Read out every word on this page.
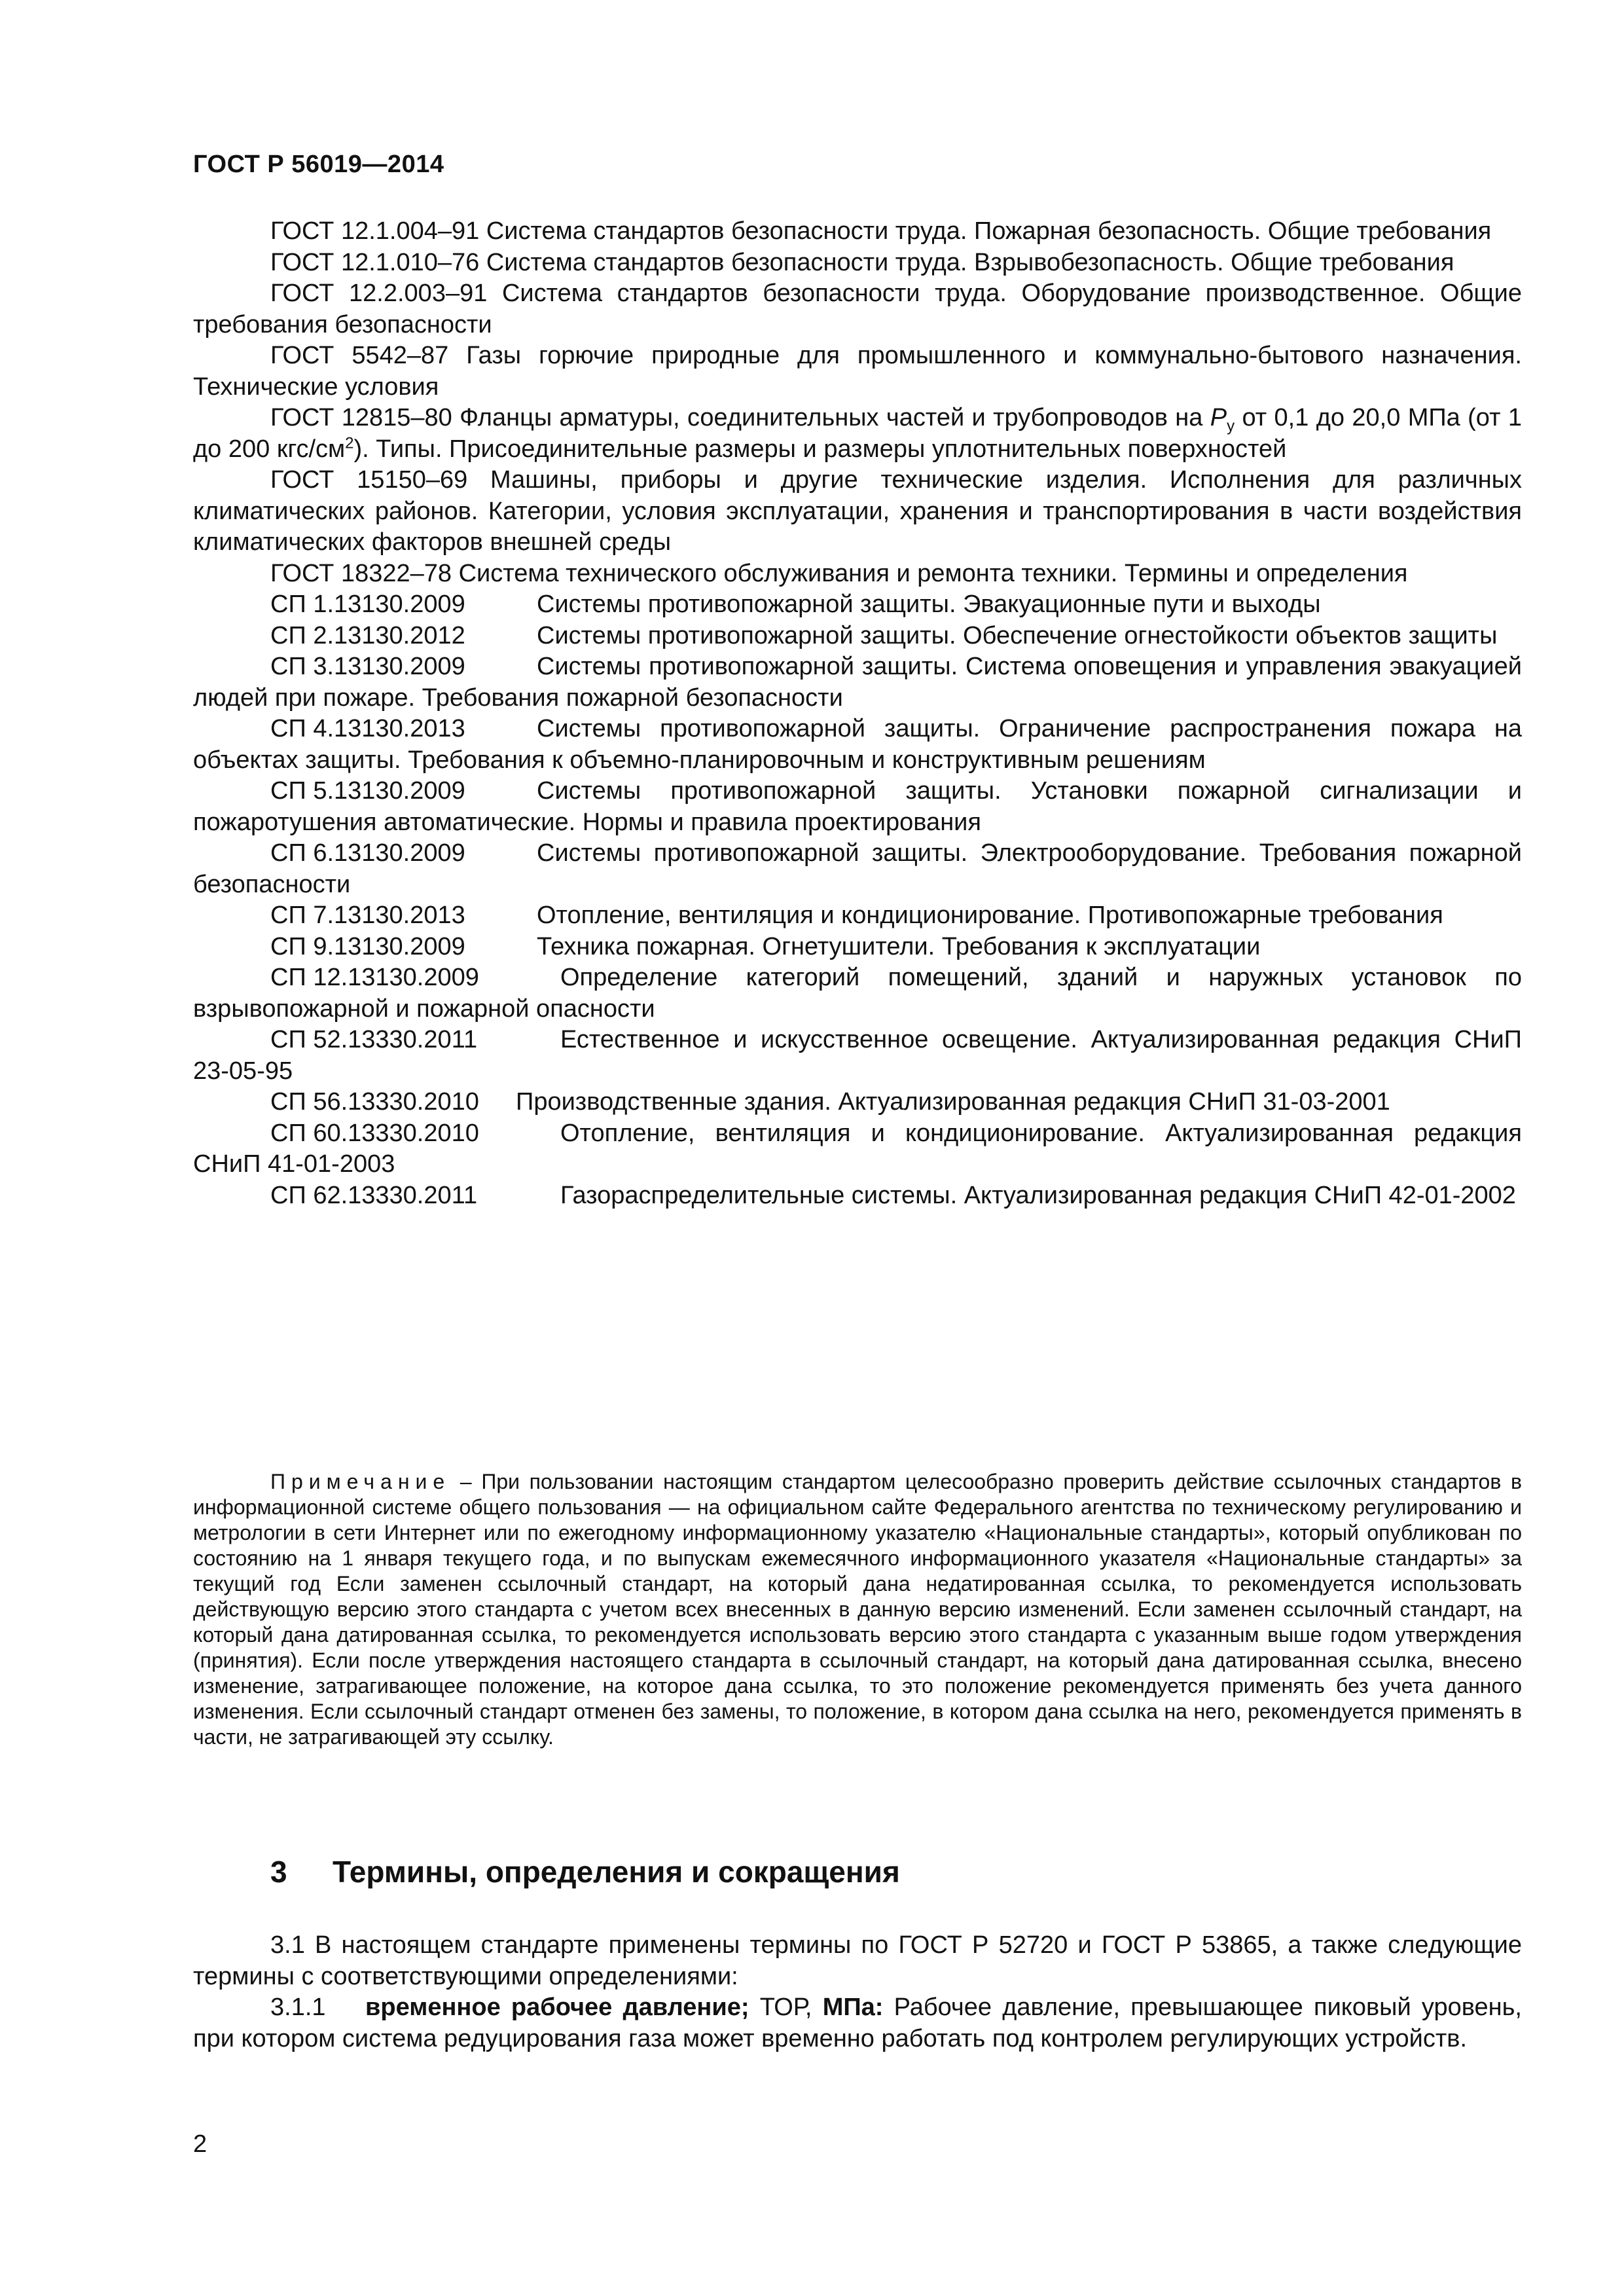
ГОСТ Р 56019—2014

ГОСТ 12.1.004–91 Система стандартов безопасности труда. Пожарная безопасность. Общие требования

ГОСТ 12.1.010–76 Система стандартов безопасности труда. Взрывобезопасность. Общие требования

ГОСТ 12.2.003–91 Система стандартов безопасности труда. Оборудование производственное. Общие требования безопасности

ГОСТ 5542–87 Газы горючие природные для промышленного и коммунально-бытового назначения. Технические условия

ГОСТ 12815–80 Фланцы арматуры, соединительных частей и трубопроводов на $P_у$ от 0,1 до 20,0 МПа (от 1 до 200 кгс/$см^2$). Типы. Присоединительные размеры и размеры уплотнительных поверхностей

ГОСТ 15150–69 Машины, приборы и другие технические изделия. Исполнения для различных климатических районов. Категории, условия эксплуатации, хранения и транспортирования в части воздействия климатических факторов внешней среды

ГОСТ 18322–78 Система технического обслуживания и ремонта техники. Термины и определения

СП 1.13130.2009	Системы противопожарной защиты. Эвакуационные пути и выходы

СП 2.13130.2012	Системы противопожарной защиты. Обеспечение огнестойкости объектов защиты

СП 3.13130.2009	Системы противопожарной защиты. Система оповещения и управления эвакуацией людей при пожаре. Требования пожарной безопасности

СП 4.13130.2013	Системы противопожарной защиты. Ограничение распространения пожара на объектах защиты. Требования к объемно-планировочным и конструктивным решениям

СП 5.13130.2009	Системы противопожарной защиты. Установки пожарной сигнализации и пожаротушения автоматические. Нормы и правила проектирования

СП 6.13130.2009	Системы противопожарной защиты. Электрооборудование. Требования пожарной безопасности

СП 7.13130.2013	Отопление, вентиляция и кондиционирование. Противопожарные требования

СП 9.13130.2009	Техника пожарная. Огнетушители. Требования к эксплуатации

СП 12.13130.2009	Определение категорий помещений, зданий и наружных установок по взрывопожарной и пожарной опасности

СП 52.13330.2011	Естественное и искусственное освещение. Актуализированная редакция СНиП 23-05-95

СП 56.13330.2010 Производственные здания. Актуализированная редакция СНиП 31-03-2001

СП 60.13330.2010	Отопление, вентиляция и кондиционирование. Актуализированная редакция СНиП 41-01-2003

СП 62.13330.2011	Газораспределительные системы. Актуализированная редакция СНиП 42-01-2002

Примечание – При пользовании настоящим стандартом целесообразно проверить действие ссылочных стандартов в информационной системе общего пользования — на официальном сайте Федерального агентства по техническому регулированию и метрологии в сети Интернет или по ежегодному информационному указателю «Национальные стандарты», который опубликован по состоянию на 1 января текущего года, и по выпускам ежемесячного информационного указателя «Национальные стандарты» за текущий год Если заменен ссылочный стандарт, на который дана недатированная ссылка, то рекомендуется использовать действующую версию этого стандарта с учетом всех внесенных в данную версию изменений. Если заменен ссылочный стандарт, на который дана датированная ссылка, то рекомендуется использовать версию этого стандарта с указанным выше годом утверждения (принятия). Если после утверждения настоящего стандарта в ссылочный стандарт, на который дана датированная ссылка, внесено изменение, затрагивающее положение, на которое дана ссылка, то это положение рекомендуется применять без учета данного изменения. Если ссылочный стандарт отменен без замены, то положение, в котором дана ссылка на него, рекомендуется применять в части, не затрагивающей эту ссылку.

3 Термины, определения и сокращения

3.1 В настоящем стандарте применены термины по ГОСТ Р 52720 и ГОСТ Р 53865, а также следующие термины с соответствующими определениями:

3.1.1 временное рабочее давление; ТОР, МПа: Рабочее давление, превышающее пиковый уровень, при котором система редуцирования газа может временно работать под контролем регулирующих устройств.

2
